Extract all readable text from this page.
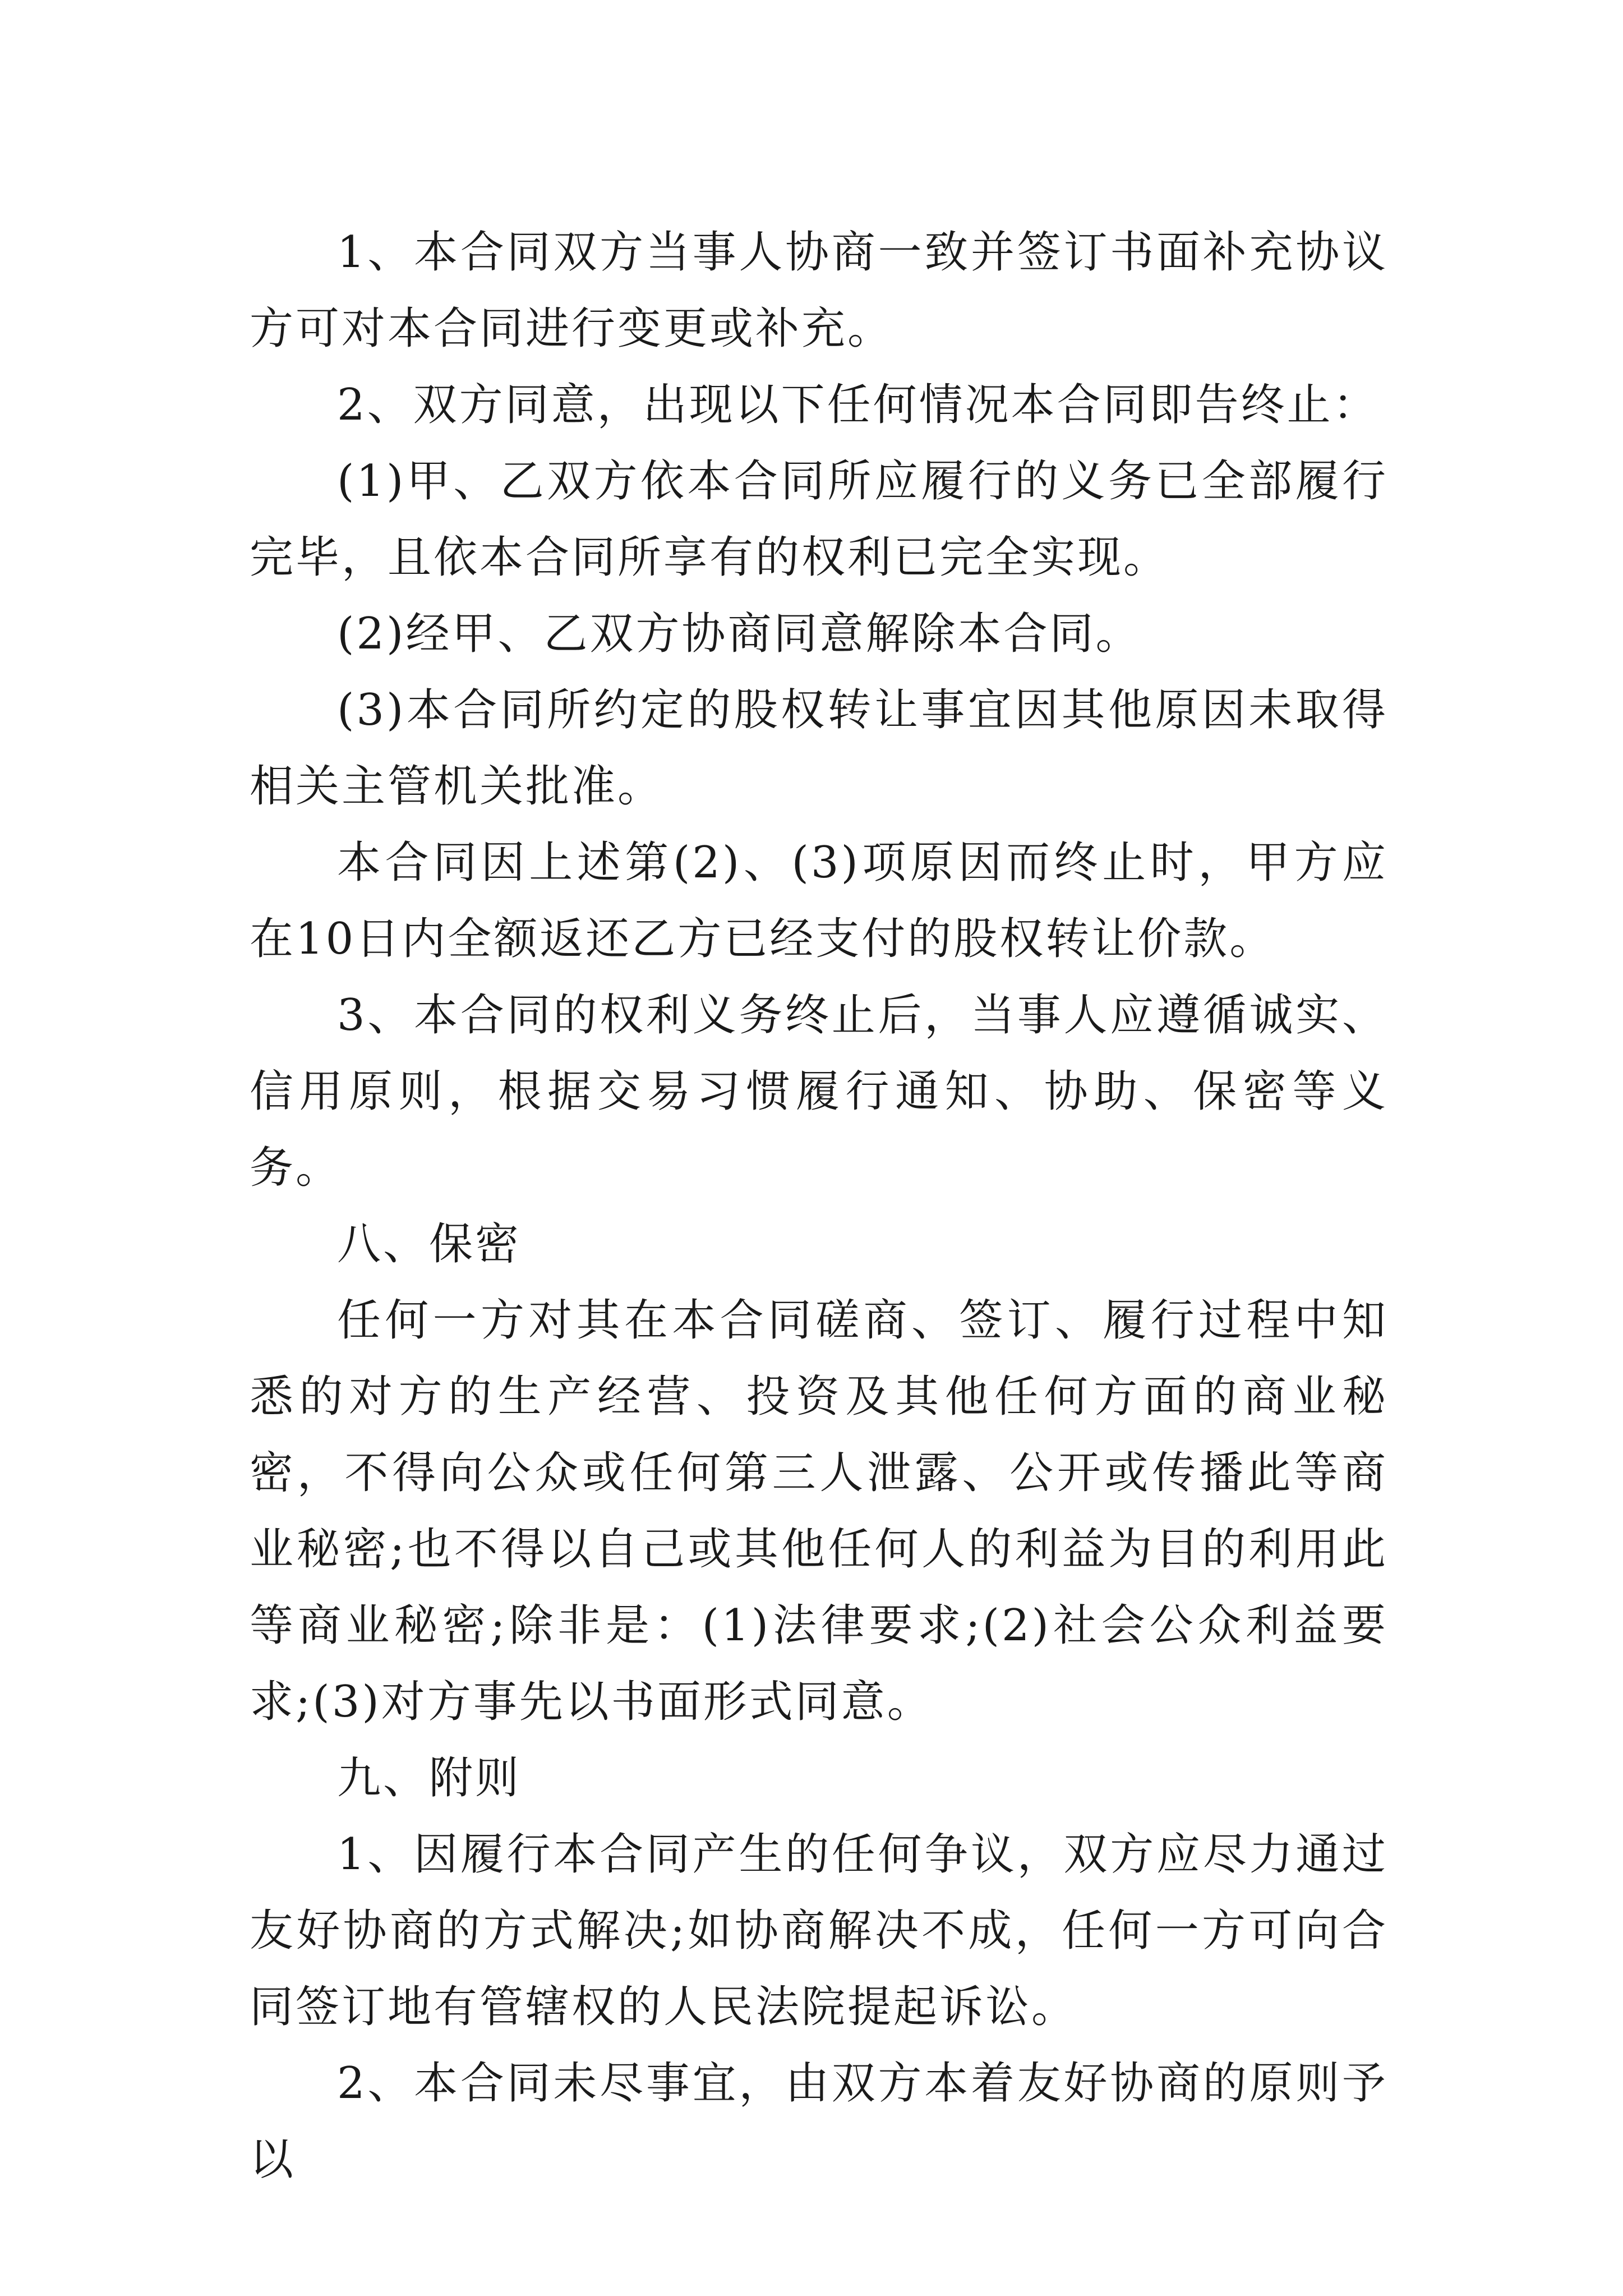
1、本合同双方当事人协商一致并签订书面补充协议方可对本合同进行变更或补充。

2、双方同意，出现以下任何情况本合同即告终止：

(1)甲、乙双方依本合同所应履行的义务已全部履行完毕，且依本合同所享有的权利已完全实现。

(2)经甲、乙双方协商同意解除本合同。

(3)本合同所约定的股权转让事宜因其他原因未取得相关主管机关批准。

本合同因上述第(2)、(3)项原因而终止时，甲方应在10日内全额返还乙方已经支付的股权转让价款。

3、本合同的权利义务终止后，当事人应遵循诚实、信用原则，根据交易习惯履行通知、协助、保密等义务。

八、保密

任何一方对其在本合同磋商、签订、履行过程中知悉的对方的生产经营、投资及其他任何方面的商业秘密，不得向公众或任何第三人泄露、公开或传播此等商业秘密;也不得以自己或其他任何人的利益为目的利用此等商业秘密;除非是：(1)法律要求;(2)社会公众利益要求;(3)对方事先以书面形式同意。

九、附则

1、因履行本合同产生的任何争议，双方应尽力通过友好协商的方式解决;如协商解决不成，任何一方可向合同签订地有管辖权的人民法院提起诉讼。

2、本合同未尽事宜，由双方本着友好协商的原则予以
